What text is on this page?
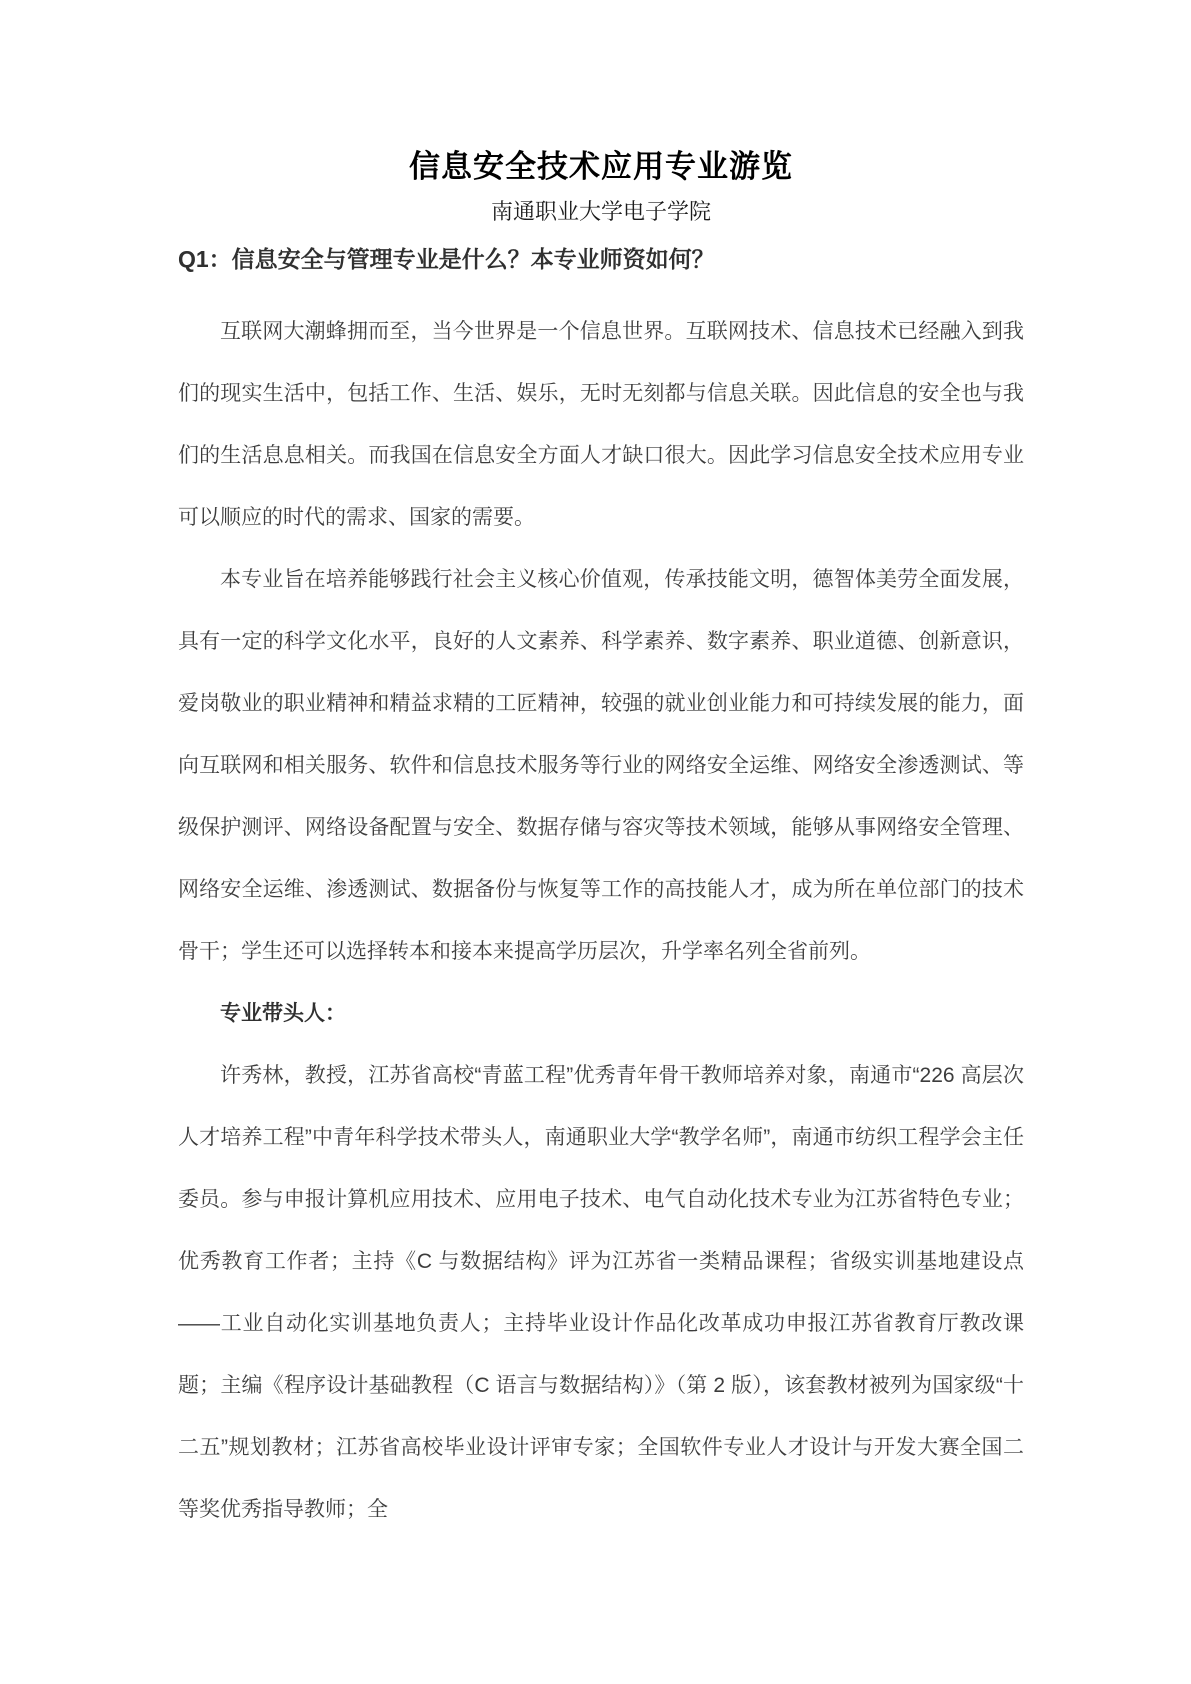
信息安全技术应用专业游览
南通职业大学电子学院
Q1：信息安全与管理专业是什么？本专业师资如何？

互联网大潮蜂拥而至，当今世界是一个信息世界。互联网技术、信息技术已经融入到我们的现实生活中，包括工作、生活、娱乐，无时无刻都与信息关联。因此信息的安全也与我们的生活息息相关。而我国在信息安全方面人才缺口很大。因此学习信息安全技术应用专业可以顺应的时代的需求、国家的需要。

本专业旨在培养能够践行社会主义核心价值观，传承技能文明，德智体美劳全面发展，具有一定的科学文化水平，良好的人文素养、科学素养、数字素养、职业道德、创新意识，爱岗敬业的职业精神和精益求精的工匠精神，较强的就业创业能力和可持续发展的能力，面向互联网和相关服务、软件和信息技术服务等行业的网络安全运维、网络安全渗透测试、等级保护测评、网络设备配置与安全、数据存储与容灾等技术领域，能够从事网络安全管理、网络安全运维、渗透测试、数据备份与恢复等工作的高技能人才，成为所在单位部门的技术骨干；学生还可以选择转本和接本来提高学历层次，升学率名列全省前列。

专业带头人：

许秀林，教授，江苏省高校“青蓝工程”优秀青年骨干教师培养对象，南通市“226 高层次人才培养工程”中青年科学技术带头人，南通职业大学“教学名师”，南通市纺织工程学会主任委员。参与申报计算机应用技术、应用电子技术、电气自动化技术专业为江苏省特色专业；优秀教育工作者；主持《C 与数据结构》评为江苏省一类精品课程；省级实训基地建设点——工业自动化实训基地负责人；主持毕业设计作品化改革成功申报江苏省教育厅教改课题；主编《程序设计基础教程（C 语言与数据结构）》（第 2 版），该套教材被列为国家级“十二五”规划教材；江苏省高校毕业设计评审专家；全国软件专业人才设计与开发大赛全国二等奖优秀指导教师；全
